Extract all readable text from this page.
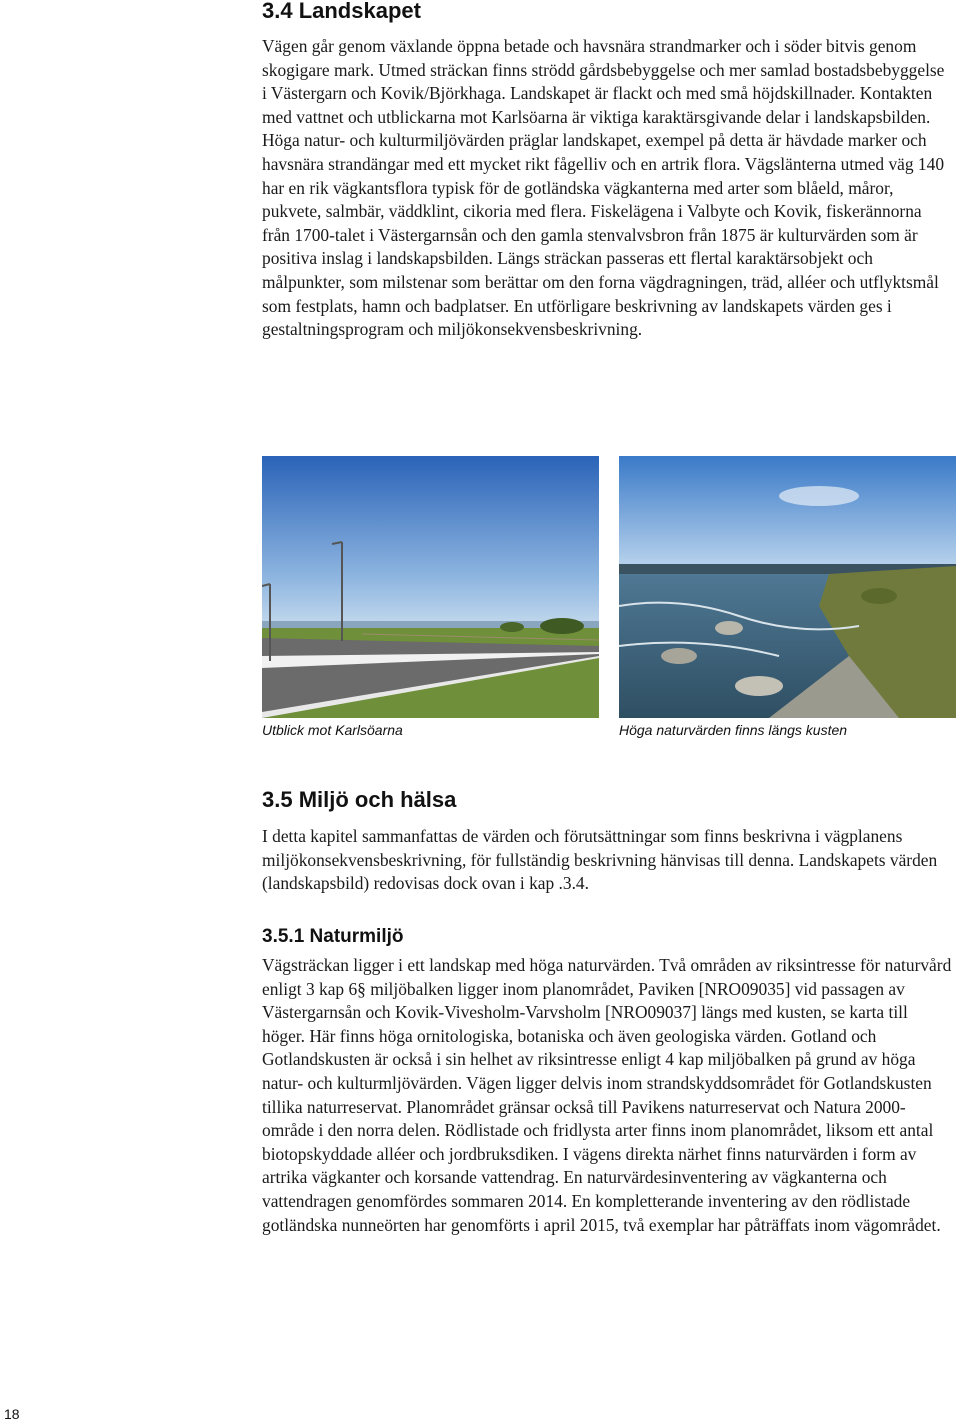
3.4 Landskapet

Vägen går genom växlande öppna betade och havsnära strandmarker och i söder bitvis genom skogigare mark. Utmed sträckan finns strödd gårdsbebyggelse och mer samlad bostadsbebyggelse i Västergarn och Kovik/Björkhaga. Landskapet är flackt och med små höjdskillnader. Kontakten med vattnet och utblickarna mot Karlsöarna är viktiga karaktärsgivande delar i landskapsbilden. Höga natur- och kulturmiljövärden präglar landskapet, exempel på detta är hävdade marker och havsnära strandängar med ett mycket rikt fågelliv och en artrik flora. Vägslänterna utmed väg 140 har en rik vägkantsflora typisk för de gotländska vägkanterna med arter som blåeld, måror, pukvete, salmbär, väddklint, cikoria med flera. Fiskelägena i Valbyte och Kovik, fiskerännorna från 1700-talet i Västergarnsån och den gamla stenvalvsbron från 1875 är kulturvärden som är positiva inslag i landskapsbilden. Längs sträckan passeras ett flertal karaktärsobjekt och målpunkter, som milstenar som berättar om den forna vägdragningen, träd, alléer och utflyktsmål som festplats, hamn och badplatser. En utförligare beskrivning av landskapets värden ges i gestaltningsprogram och miljökonsekvensbeskrivning.

Utblick mot Karlsöarna	Höga naturvärden finns längs kusten
3.5 Miljö och hälsa

I detta kapitel sammanfattas de värden och förutsättningar som finns beskrivna i vägplanens miljökonsekvensbeskrivning, för fullständig beskrivning hänvisas till denna. Landskapets värden (landskapsbild) redovisas dock ovan i kap .3.4.

3.5.1 Naturmiljö

Vägsträckan ligger i ett landskap med höga naturvärden. Två områden av riksintresse för naturvård enligt 3 kap 6§ miljöbalken ligger inom planområdet, Paviken [NRO09035] vid passagen av Västergarnsån och Kovik-Vivesholm-Varvsholm [NRO09037] längs med kusten, se karta till höger. Här finns höga ornitologiska, botaniska och även geologiska värden. Gotland och Gotlandskusten är också i sin helhet av riksintresse enligt 4 kap miljöbalken på grund av höga natur- och kulturmljövärden. Vägen ligger delvis inom strandskyddsområdet för Gotlandskusten tillika naturreservat. Planområdet gränsar också till Pavikens naturreservat och Natura 2000-område i den norra delen. Rödlistade och fridlysta arter finns inom planområdet, liksom ett antal biotopskyddade alléer och jordbruksdiken. I vägens direkta närhet finns naturvärden i form av artrika vägkanter och korsande vattendrag. En naturvärdesinventering av vägkanterna och vattendragen genomfördes sommaren 2014. En kompletterande inventering av den rödlistade gotländska nunneörten har genomförts i april 2015, två exemplar har påträffats inom vägområdet.

18
